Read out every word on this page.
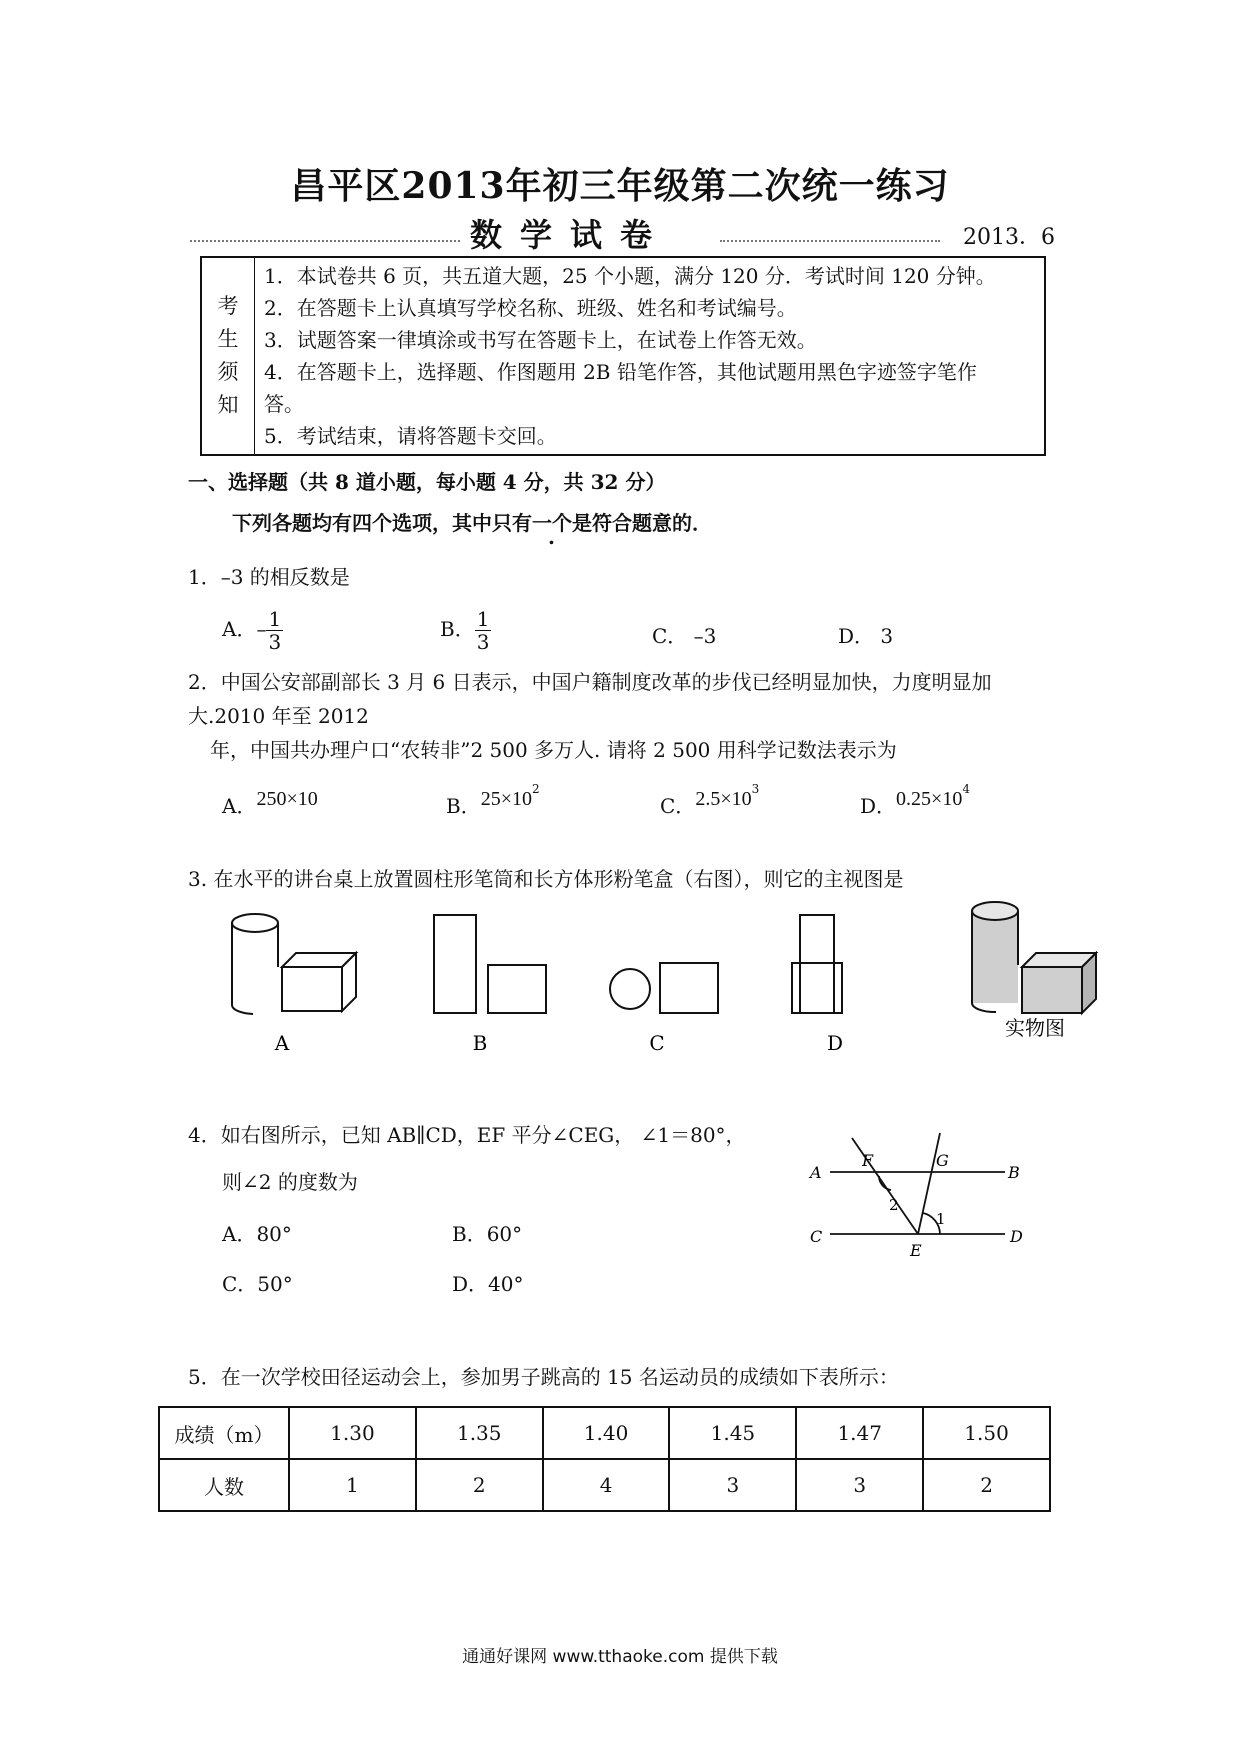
昌平区2013年初三年级第二次统一练习
数学试卷	2013．6
考
生
须
知
1．本试卷共 6 页，共五道大题，25 个小题，满分 120 分．考试时间 120 分钟。
2．在答题卡上认真填写学校名称、班级、姓名和考试编号。
3．试题答案一律填涂或书写在答题卡上，在试卷上作答无效。
4．在答题卡上，选择题、作图题用 2B 铅笔作答，其他试题用黑色字迹签字笔作
答。
5．考试结束，请将答题卡交回。
一、选择题（共 8 道小题，每小题 4 分，共 32 分）
下列各题均有四个选项，其中只有一个是符合题意的．
1．–3 的相反数是
A．– $\frac{1}{3}$	B． $\frac{1}{3}$	C． –3	D． 3
2．中国公安部副部长 3 月 6 日表示，中国户籍制度改革的步伐已经明显加快，力度明显加
大.2010 年至 2012
年，中国共办理户口“农转非”2 500 多万人. 请将 2 500 用科学记数法表示为
A．250×10	B．$25\times 10^2$
C．$2.5\times 10^3$
D．$0.25\times 10^4$
3. 在水平的讲台桌上放置圆柱形笔筒和长方体形粉笔盒（右图），则它的主视图是
A	B	C	D
实物图
4．如右图所示，已知 AB∥CD，EF 平分∠CEG， ∠1＝80°，
则∠2 的度数为
A．80°	B．60°
C．50°	D．40°
A
F	G
B
C
E
D
2
1
5．在一次学校田径运动会上，参加男子跳高的 15 名运动员的成绩如下表所示：
成绩（m）	1.30	1.35	1.40	1.45	1.47	1.50
人数	1	2	4	3	3	2
通通好课网 www.tthaoke.com 提供下载
